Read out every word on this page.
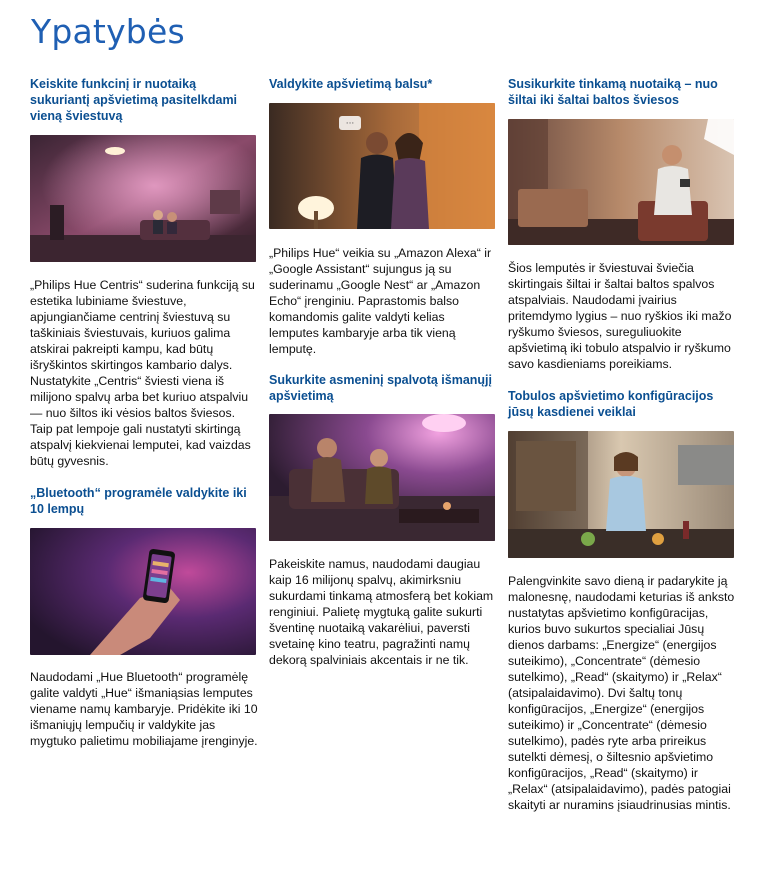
Ypatybės
Keiskite funkcinį ir nuotaiką sukuriantį apšvietimą pasitelkdami vieną šviestuvą

„Philips Hue Centris“ suderina funkciją su estetika lubiniame šviestuve, apjungiančiame centrinį šviestuvą su taškiniais šviestuvais, kuriuos galima atskirai pakreipti kampu, kad būtų išryškintos skirtingos kambario dalys. Nustatykite „Centris“ šviesti viena iš milijono spalvų arba bet kuriuo atspalviu — nuo šiltos iki vėsios baltos šviesos. Taip pat lempoje gali nustatyti skirtingą atspalvį kiekvienai lemputei, kad vaizdas būtų gyvesnis.

„Bluetooth“ programėle valdykite iki 10 lempų

Naudodami „Hue Bluetooth“ programėlę galite valdyti „Hue“ išmaniąsias lemputes viename namų kambaryje. Pridėkite iki 10 išmaniųjų lempučių ir valdykite jas mygtuko palietimu mobiliajame įrenginyje.

Valdykite apšvietimą balsu*
···

„Philips Hue“ veikia su „Amazon Alexa“ ir „Google Assistant“ sujungus ją su suderinamu „Google Nest“ ar „Amazon Echo“ įrenginiu. Paprastomis balso komandomis galite valdyti kelias lemputes kambaryje arba tik vieną lemputę.

Sukurkite asmeninį spalvotą išmanųjį apšvietimą

Pakeiskite namus, naudodami daugiau kaip 16 milijonų spalvų, akimirksniu sukurdami tinkamą atmosferą bet kokiam renginiui. Palietę mygtuką galite sukurti šventinę nuotaiką vakarėliui, paversti svetainę kino teatru, pagražinti namų dekorą spalviniais akcentais ir ne tik.

Susikurkite tinkamą nuotaiką – nuo šiltai iki šaltai baltos šviesos

Šios lemputės ir šviestuvai šviečia skirtingais šiltai ir šaltai baltos spalvos atspalviais. Naudodami įvairius pritemdymo lygius – nuo ryškios iki mažo ryškumo šviesos, sureguliuokite apšvietimą iki tobulo atspalvio ir ryškumo savo kasdieniams poreikiams.

Tobulos apšvietimo konfigūracijos jūsų kasdienei veiklai

Palengvinkite savo dieną ir padarykite ją malonesnę, naudodami keturias iš anksto nustatytas apšvietimo konfigūracijas, kurios buvo sukurtos specialiai Jūsų dienos darbams: „Energize“ (energijos suteikimo), „Concentrate“ (dėmesio sutelkimo), „Read“ (skaitymo) ir „Relax“ (atsipalaidavimo). Dvi šaltų tonų konfigūracijos, „Energize“ (energijos suteikimo) ir „Concentrate“ (dėmesio sutelkimo), padės ryte arba prireikus sutelkti dėmesį, o šiltesnio apšvietimo konfigūracijos, „Read“ (skaitymo) ir „Relax“ (atsipalaidavimo), padės patogiai skaityti ar nuramins įsiaudrinusias mintis.
